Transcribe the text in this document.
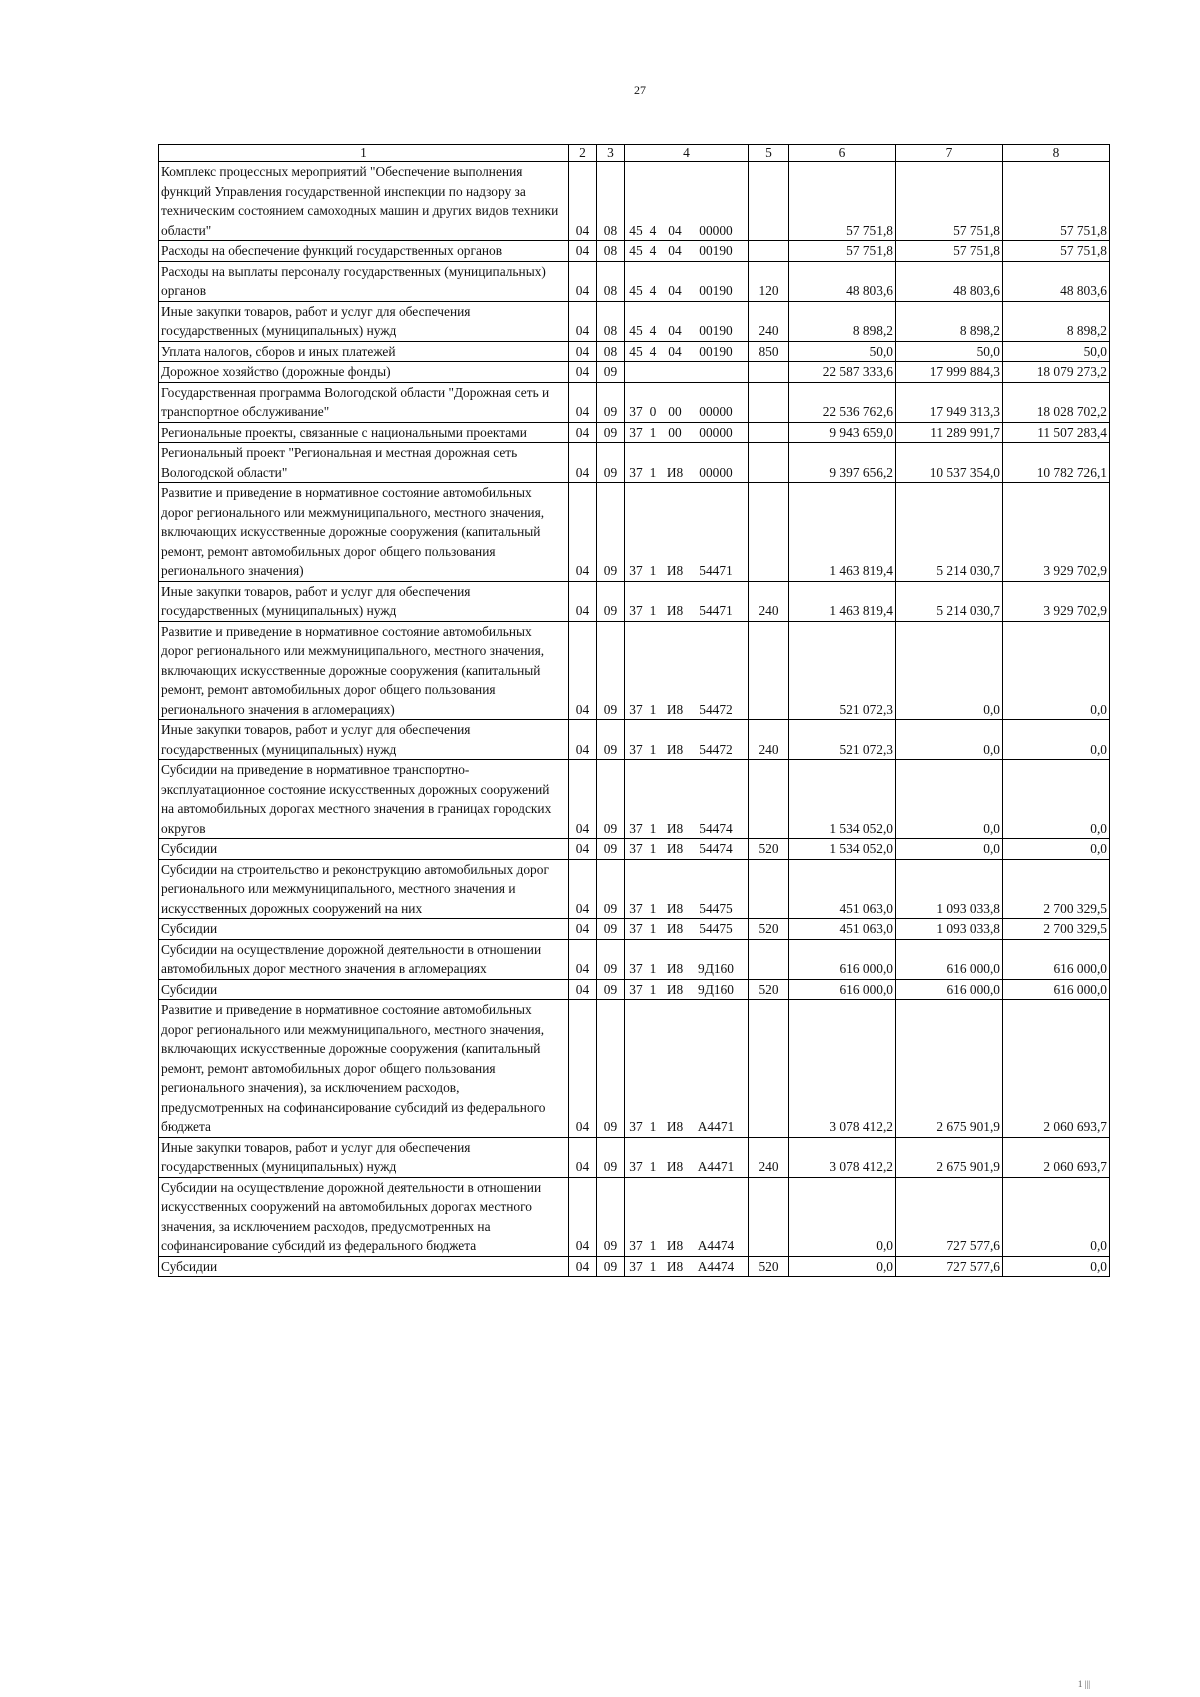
27
1	2	3	4	5	6	7	8
Комплекс процессных мероприятий "Обеспечение выполнения функций Управления государственной инспекции по надзору за техническим состоянием самоходных машин и других видов техники области"	04	08	45 4 04 00000		57 751,8	57 751,8	57 751,8
Расходы на обеспечение функций государственных органов	04	08	45 4 04 00190		57 751,8	57 751,8	57 751,8
Расходы на выплаты персоналу государственных (муниципальных) органов	04	08	45 4 04 00190	120	48 803,6	48 803,6	48 803,6
Иные закупки товаров, работ и услуг для обеспечения государственных (муниципальных) нужд	04	08	45 4 04 00190	240	8 898,2	8 898,2	8 898,2
Уплата налогов, сборов и иных платежей	04	08	45 4 04 00190	850	50,0	50,0	50,0
Дорожное хозяйство (дорожные фонды)	04	09			22 587 333,6	17 999 884,3	18 079 273,2
Государственная программа Вологодской области "Дорожная сеть и транспортное обслуживание"	04	09	37 0 00 00000		22 536 762,6	17 949 313,3	18 028 702,2
Региональные проекты, связанные с национальными проектами	04	09	37 1 00 00000		9 943 659,0	11 289 991,7	11 507 283,4
Региональный проект "Региональная и местная дорожная сеть Вологодской области"	04	09	37 1 И8 00000		9 397 656,2	10 537 354,0	10 782 726,1
Развитие и приведение в нормативное состояние автомобильных дорог регионального или межмуниципального, местного значения, включающих искусственные дорожные сооружения (капитальный ремонт, ремонт автомобильных дорог общего пользования регионального значения)	04	09	37 1 И8 54471		1 463 819,4	5 214 030,7	3 929 702,9
Иные закупки товаров, работ и услуг для обеспечения государственных (муниципальных) нужд	04	09	37 1 И8 54471	240	1 463 819,4	5 214 030,7	3 929 702,9
Развитие и приведение в нормативное состояние автомобильных дорог регионального или межмуниципального, местного значения, включающих искусственные дорожные сооружения (капитальный ремонт, ремонт автомобильных дорог общего пользования регионального значения в агломерациях)	04	09	37 1 И8 54472		521 072,3	0,0	0,0
Иные закупки товаров, работ и услуг для обеспечения государственных (муниципальных) нужд	04	09	37 1 И8 54472	240	521 072,3	0,0	0,0
Субсидии на приведение в нормативное транспортно-эксплуатационное состояние искусственных дорожных сооружений на автомобильных дорогах местного значения в границах городских округов	04	09	37 1 И8 54474		1 534 052,0	0,0	0,0
Субсидии	04	09	37 1 И8 54474	520	1 534 052,0	0,0	0,0
Субсидии на строительство и реконструкцию автомобильных дорог регионального или межмуниципального, местного значения и искусственных дорожных сооружений на них	04	09	37 1 И8 54475		451 063,0	1 093 033,8	2 700 329,5
Субсидии	04	09	37 1 И8 54475	520	451 063,0	1 093 033,8	2 700 329,5
Субсидии на осуществление дорожной деятельности в отношении автомобильных дорог местного значения в агломерациях	04	09	37 1 И8 9Д160		616 000,0	616 000,0	616 000,0
Субсидии	04	09	37 1 И8 9Д160	520	616 000,0	616 000,0	616 000,0
Развитие и приведение в нормативное состояние автомобильных дорог регионального или межмуниципального, местного значения, включающих искусственные дорожные сооружения (капитальный ремонт, ремонт автомобильных дорог общего пользования регионального значения), за исключением расходов, предусмотренных на софинансирование субсидий из федерального бюджета	04	09	37 1 И8 А4471		3 078 412,2	2 675 901,9	2 060 693,7
Иные закупки товаров, работ и услуг для обеспечения государственных (муниципальных) нужд	04	09	37 1 И8 А4471	240	3 078 412,2	2 675 901,9	2 060 693,7
Субсидии на осуществление дорожной деятельности в отношении искусственных сооружений на автомобильных дорогах местного значения, за исключением расходов, предусмотренных на софинансирование субсидий из федерального бюджета	04	09	37 1 И8 А4474		0,0	727 577,6	0,0
Субсидии	04	09	37 1 И8 А4474	520	0,0	727 577,6	0,0
1 |||
